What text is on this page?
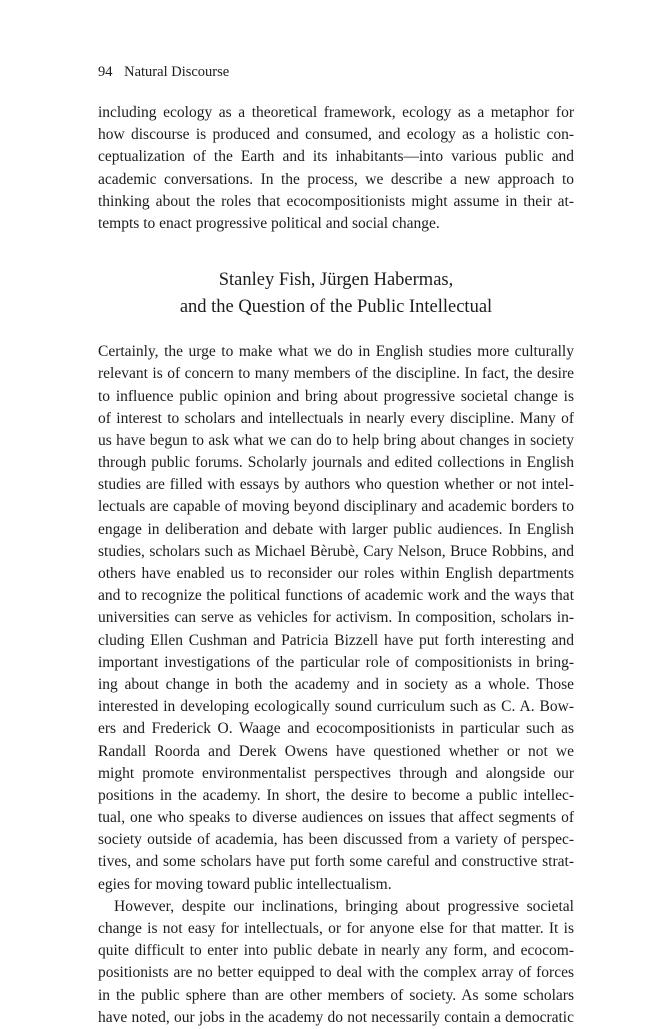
94 Natural Discourse
including ecology as a theoretical framework, ecology as a metaphor for
how discourse is produced and consumed, and ecology as a holistic con-
ceptualization of the Earth and its inhabitants—into various public and
academic conversations. In the process, we describe a new approach to
thinking about the roles that ecocompositionists might assume in their at-
tempts to enact progressive political and social change.
Stanley Fish, Jürgen Habermas,
and the Question of the Public Intellectual
Certainly, the urge to make what we do in English studies more culturally
relevant is of concern to many members of the discipline. In fact, the desire
to influence public opinion and bring about progressive societal change is
of interest to scholars and intellectuals in nearly every discipline. Many of
us have begun to ask what we can do to help bring about changes in society
through public forums. Scholarly journals and edited collections in English
studies are filled with essays by authors who question whether or not intel-
lectuals are capable of moving beyond disciplinary and academic borders to
engage in deliberation and debate with larger public audiences. In English
studies, scholars such as Michael Bèrubè, Cary Nelson, Bruce Robbins, and
others have enabled us to reconsider our roles within English departments
and to recognize the political functions of academic work and the ways that
universities can serve as vehicles for activism. In composition, scholars in-
cluding Ellen Cushman and Patricia Bizzell have put forth interesting and
important investigations of the particular role of compositionists in bring-
ing about change in both the academy and in society as a whole. Those
interested in developing ecologically sound curriculum such as C. A. Bow-
ers and Frederick O. Waage and ecocompositionists in particular such as
Randall Roorda and Derek Owens have questioned whether or not we
might promote environmentalist perspectives through and alongside our
positions in the academy. In short, the desire to become a public intellec-
tual, one who speaks to diverse audiences on issues that affect segments of
society outside of academia, has been discussed from a variety of perspec-
tives, and some scholars have put forth some careful and constructive strat-
egies for moving toward public intellectualism.
However, despite our inclinations, bringing about progressive societal
change is not easy for intellectuals, or for anyone else for that matter. It is
quite difficult to enter into public debate in nearly any form, and ecocom-
positionists are no better equipped to deal with the complex array of forces
in the public sphere than are other members of society. As some scholars
have noted, our jobs in the academy do not necessarily contain a democratic
